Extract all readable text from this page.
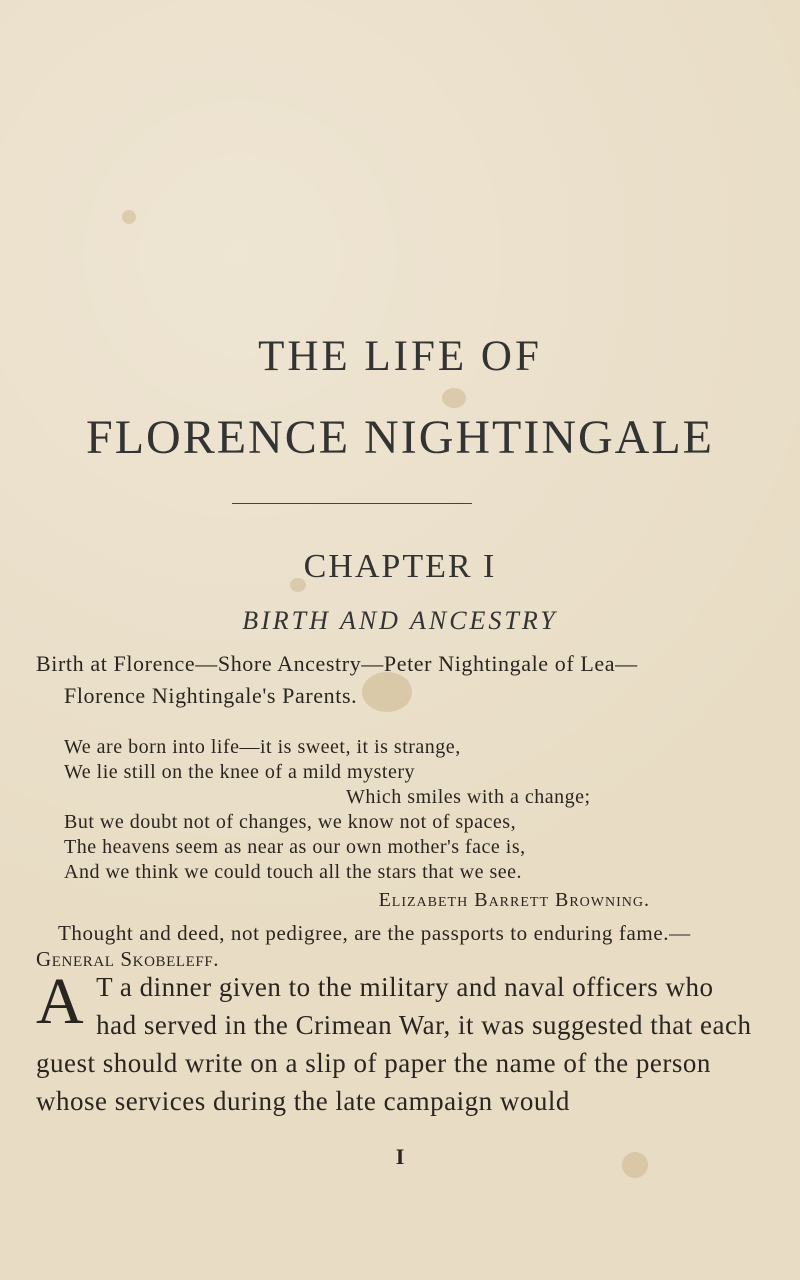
THE LIFE OF
FLORENCE NIGHTINGALE
CHAPTER I
BIRTH AND ANCESTRY
Birth at Florence—Shore Ancestry—Peter Nightingale of Lea—
Florence Nightingale's Parents.
We are born into life—it is sweet, it is strange,
We lie still on the knee of a mild mystery
Which smiles with a change;
But we doubt not of changes, we know not of spaces,
The heavens seem as near as our own mother's face is,
And we think we could touch all the stars that we see.
Elizabeth Barrett Browning.
Thought and deed, not pedigree, are the passports to enduring fame.—General Skobeleff.
A T a dinner given to the military and naval officers who had served in the Crimean War, it was suggested that each guest should write on a slip of paper the name of the person whose services during the late campaign would
I
